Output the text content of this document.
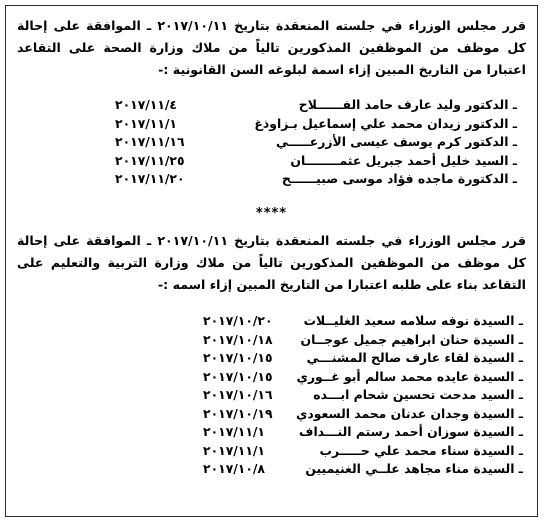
قرر مجلس الوزراء في جلسته المنعقدة بتاريخ ٢٠١٧/١٠/١١ ـ الموافقة على إحالة كل موظف من الموظفين المذكورين تالياً من ملاك وزارة الصحة على التقاعد اعتبارا من التاريخ المبين إزاء اسمة لبلوغه السن القانونية :-
ـ الدكتور وليد عارف حامد الفــــــلاح
٢٠١٧/١١/٤
ـ الدكتور زيدان محمد علي إسماعيل بـزاوذغ
٢٠١٧/١١/١
ـ الدكتور كرم يوسف عيسى الأزرعـــــي
٢٠١٧/١١/١٦
ـ السيد خليل أحمد جبريل عثمــــــــان
٢٠١٧/١١/٢٥
ـ الدكتورة ماجده فؤاد موسى صبيــــــح
٢٠١٧/١١/٢٠
****
قرر مجلس الوزراء في جلسته المنعقدة بتاريخ ٢٠١٧/١٠/١١ ـ الموافقة على إحالة كل موظف من الموظفين المذكورين تالياً من ملاك وزارة التربية والتعليم على التقاعد بناء على طلبه اعتبارا من التاريخ المبين إزاء اسمه :-
ـ السيدة نوفه سلامه سعيد الغليــلات
٢٠١٧/١٠/٢٠
ـ السيدة حنان ابراهيم جميل عوجــان
٢٠١٧/١٠/١٨
ـ السيدة لقاء عارف صالح المشنـــي
٢٠١٧/١٠/١٥
ـ السيدة عايده محمد سالم أبو غــوري
٢٠١٧/١٠/١٥
ـ السيد مدحت تحسين شحام ابـــده
٢٠١٧/١٠/١٦
ـ السيدة وجدان عدنان محمد السعودي
٢٠١٧/١٠/١٩
ـ السيدة سوزان أحمد رستم النـــداف
٢٠١٧/١١/١
ـ السيدة سناء محمد علي حـــــرب
٢٠١٧/١١/١
ـ السيدة مناء مجاهد علــي الغنيميين
٢٠١٧/١٠/٨
